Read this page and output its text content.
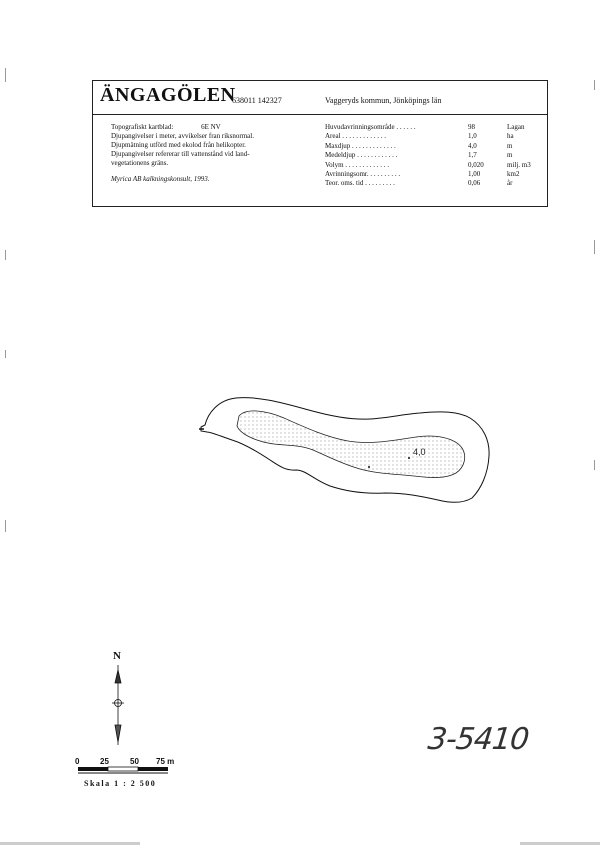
ÄNGAGÖLEN
638011 142327	Vaggeryds kommun, Jönköpings län
Topografiskt kartblad:	6E NV
Djupangivelser i meter, avvikelser fran riksnormal.
Djupmätning utförd med ekolod från helikopter.
Djupangivelser refererar till vattenstånd vid land-
vegetationens gräns.
Myrica AB kalkningskonsult, 1993.
Huvudavrinningsområde . . . . . .	98	Lagan
Areal . . . . . . . . . . . . .	1,0	ha
Maxdjup . . . . . . . . . . . . .	4,0	m
Medeldjup . . . . . . . . . . . .	1,7	m
Volym . . . . . . . . . . . . .	0,020	milj. m3
Avrinningsomr. . . . . . . . . .	1,00	km2
Teor. oms. tid . . . . . . . . .	0,06	år
4,0
N
0	25	50 75 m
Skala 1 : 2 500
3-5410
